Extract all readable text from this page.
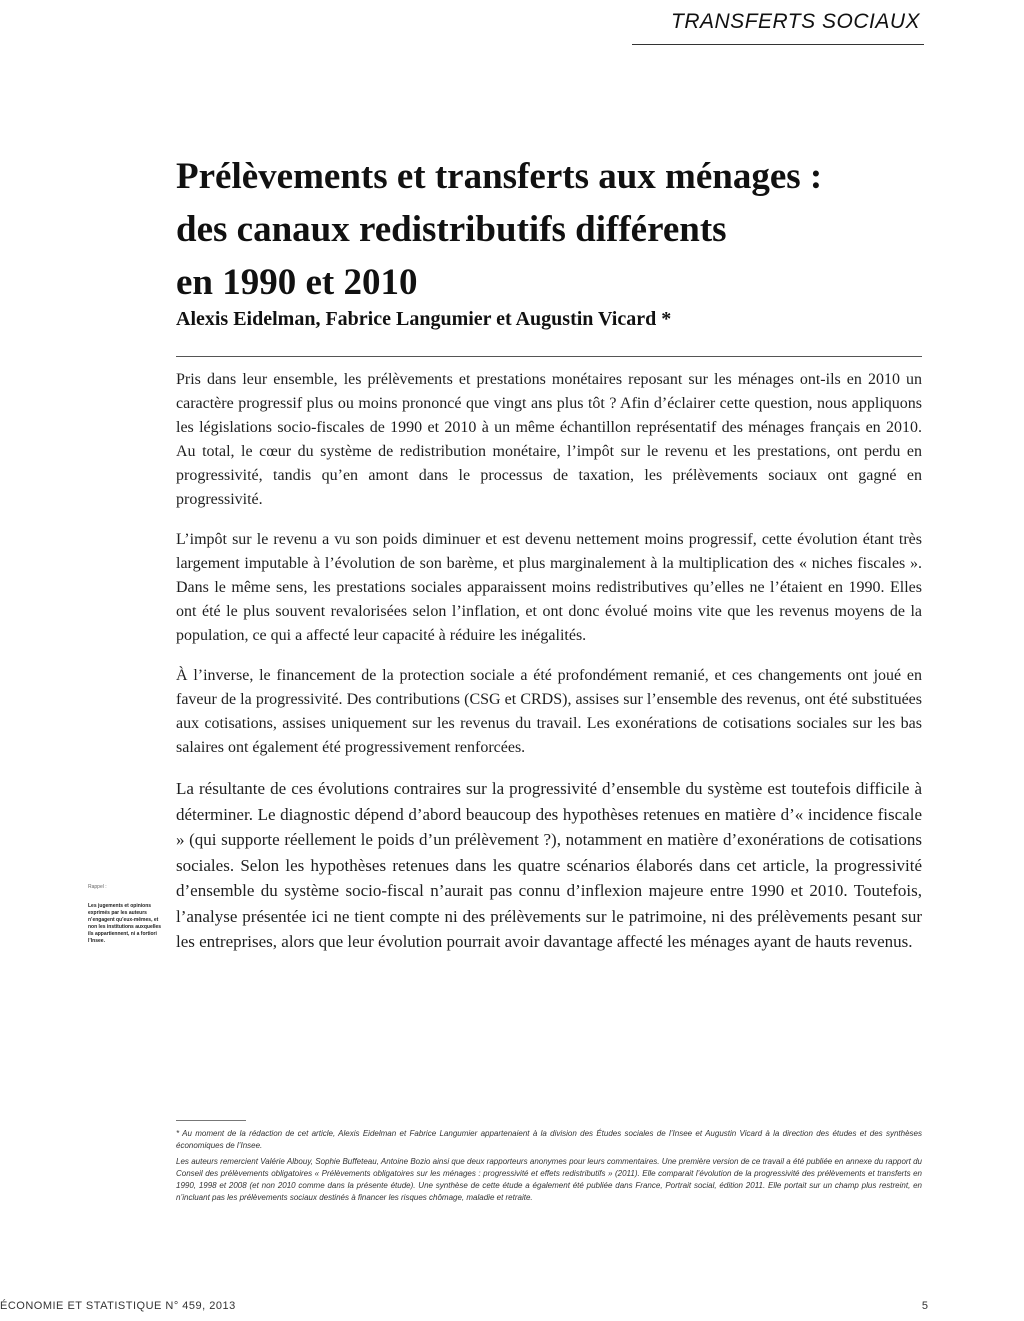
TRANSFERTS SOCIAUX
Prélèvements et transferts aux ménages :
des canaux redistributifs différents
en 1990 et 2010
Alexis Eidelman, Fabrice Langumier et Augustin Vicard *

Pris dans leur ensemble, les prélèvements et prestations monétaires reposant sur les ménages ont-ils en 2010 un caractère progressif plus ou moins prononcé que vingt ans plus tôt ? Afin d’éclairer cette question, nous appliquons les législations socio-fiscales de 1990 et 2010 à un même échantillon représentatif des ménages français en 2010. Au total, le cœur du système de redistribution monétaire, l’impôt sur le revenu et les prestations, ont perdu en progressivité, tandis qu’en amont dans le processus de taxation, les prélèvements sociaux ont gagné en progressivité.

L’impôt sur le revenu a vu son poids diminuer et est devenu nettement moins progressif, cette évolution étant très largement imputable à l’évolution de son barème, et plus marginalement à la multiplication des « niches fiscales ». Dans le même sens, les prestations sociales apparaissent moins redistributives qu’elles ne l’étaient en 1990. Elles ont été le plus souvent revalorisées selon l’inflation, et ont donc évolué moins vite que les revenus moyens de la population, ce qui a affecté leur capacité à réduire les inégalités.

À l’inverse, le financement de la protection sociale a été profondément remanié, et ces changements ont joué en faveur de la progressivité. Des contributions (CSG et CRDS), assises sur l’ensemble des revenus, ont été substituées aux cotisations, assises uniquement sur les revenus du travail. Les exonérations de cotisations sociales sur les bas salaires ont également été progressivement renforcées.

La résultante de ces évolutions contraires sur la progressivité d’ensemble du système est toutefois difficile à déterminer. Le diagnostic dépend d’abord beaucoup des hypothèses retenues en matière d’« incidence fiscale » (qui supporte réellement le poids d’un prélèvement ?), notamment en matière d’exonérations de cotisations sociales. Selon les hypothèses retenues dans les quatre scénarios élaborés dans cet article, la progressivité d’ensemble du système socio-fiscal n’aurait pas connu d’inflexion majeure entre 1990 et 2010. Toutefois, l’analyse présentée ici ne tient compte ni des prélèvements sur le patrimoine, ni des prélèvements pesant sur les entreprises, alors que leur évolution pourrait avoir davantage affecté les ménages ayant de hauts revenus.

Rappel :
Les jugements et opinions exprimés par les auteurs n’engagent qu’eux-mêmes, et non les institutions auxquelles ils appartiennent, ni a fortiori l’Insee.

* Au moment de la rédaction de cet article, Alexis Eidelman et Fabrice Langumier appartenaient à la division des Études sociales de l’Insee et Augustin Vicard à la direction des études et des synthèses économiques de l’Insee.

Les auteurs remercient Valérie Albouy, Sophie Buffeteau, Antoine Bozio ainsi que deux rapporteurs anonymes pour leurs commentaires. Une première version de ce travail a été publiée en annexe du rapport du Conseil des prélèvements obligatoires « Prélèvements obligatoires sur les ménages : progressivité et effets redistributifs » (2011). Elle comparait l’évolution de la progressivité des prélèvements et transferts en 1990, 1998 et 2008 (et non 2010 comme dans la présente étude). Une synthèse de cette étude a également été publiée dans France, Portrait social, édition 2011. Elle portait sur un champ plus restreint, en n’incluant pas les prélèvements sociaux destinés à financer les risques chômage, maladie et retraite.

ÉCONOMIE ET STATISTIQUE N° 459, 2013	5
